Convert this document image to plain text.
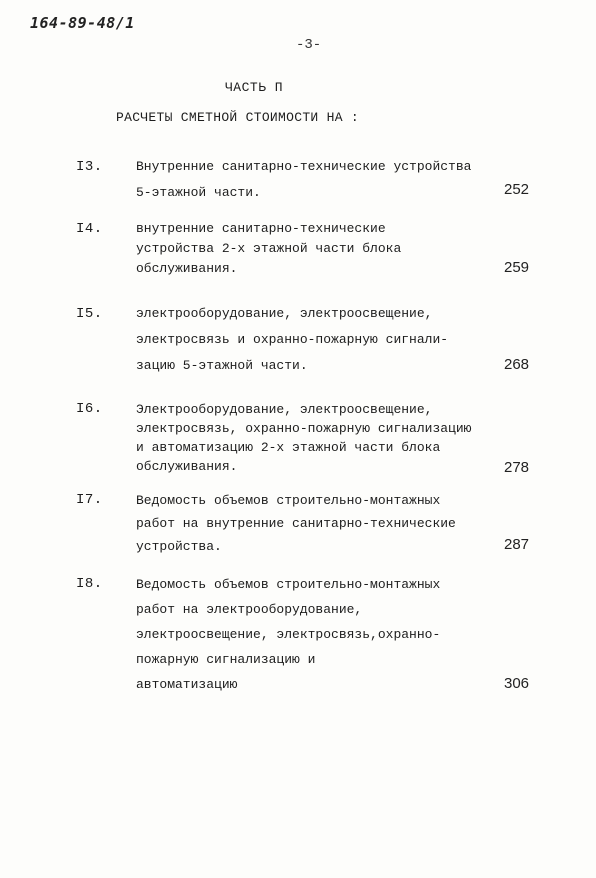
164-89-48/1
-3-
ЧАСТЬ П
РАСЧЕТЫ СМЕТНОЙ СТОИМОСТИ НА :
I3.	Внутренние санитарно-технические устройства
5-этажной части.	252
I4.	внутренние санитарно-технические
устройства 2-х этажной части блока
обслуживания.	259
I5.	электрооборудование, электроосвещение,
электросвязь и охранно-пожарную сигнали-
зацию 5-этажной части.	268
I6.	Электрооборудование, электроосвещение,
электросвязь, охранно-пожарную сигнализацию
и автоматизацию 2-х этажной части блока
обслуживания.	278
I7.	Ведомость объемов строительно-монтажных
работ на внутренние санитарно-технические
устройства.	287
I8.	Ведомость объемов строительно-монтажных
работ на электрооборудование,
электроосвещение, электросвязь,охранно-
пожарную сигнализацию и
автоматизацию	306
